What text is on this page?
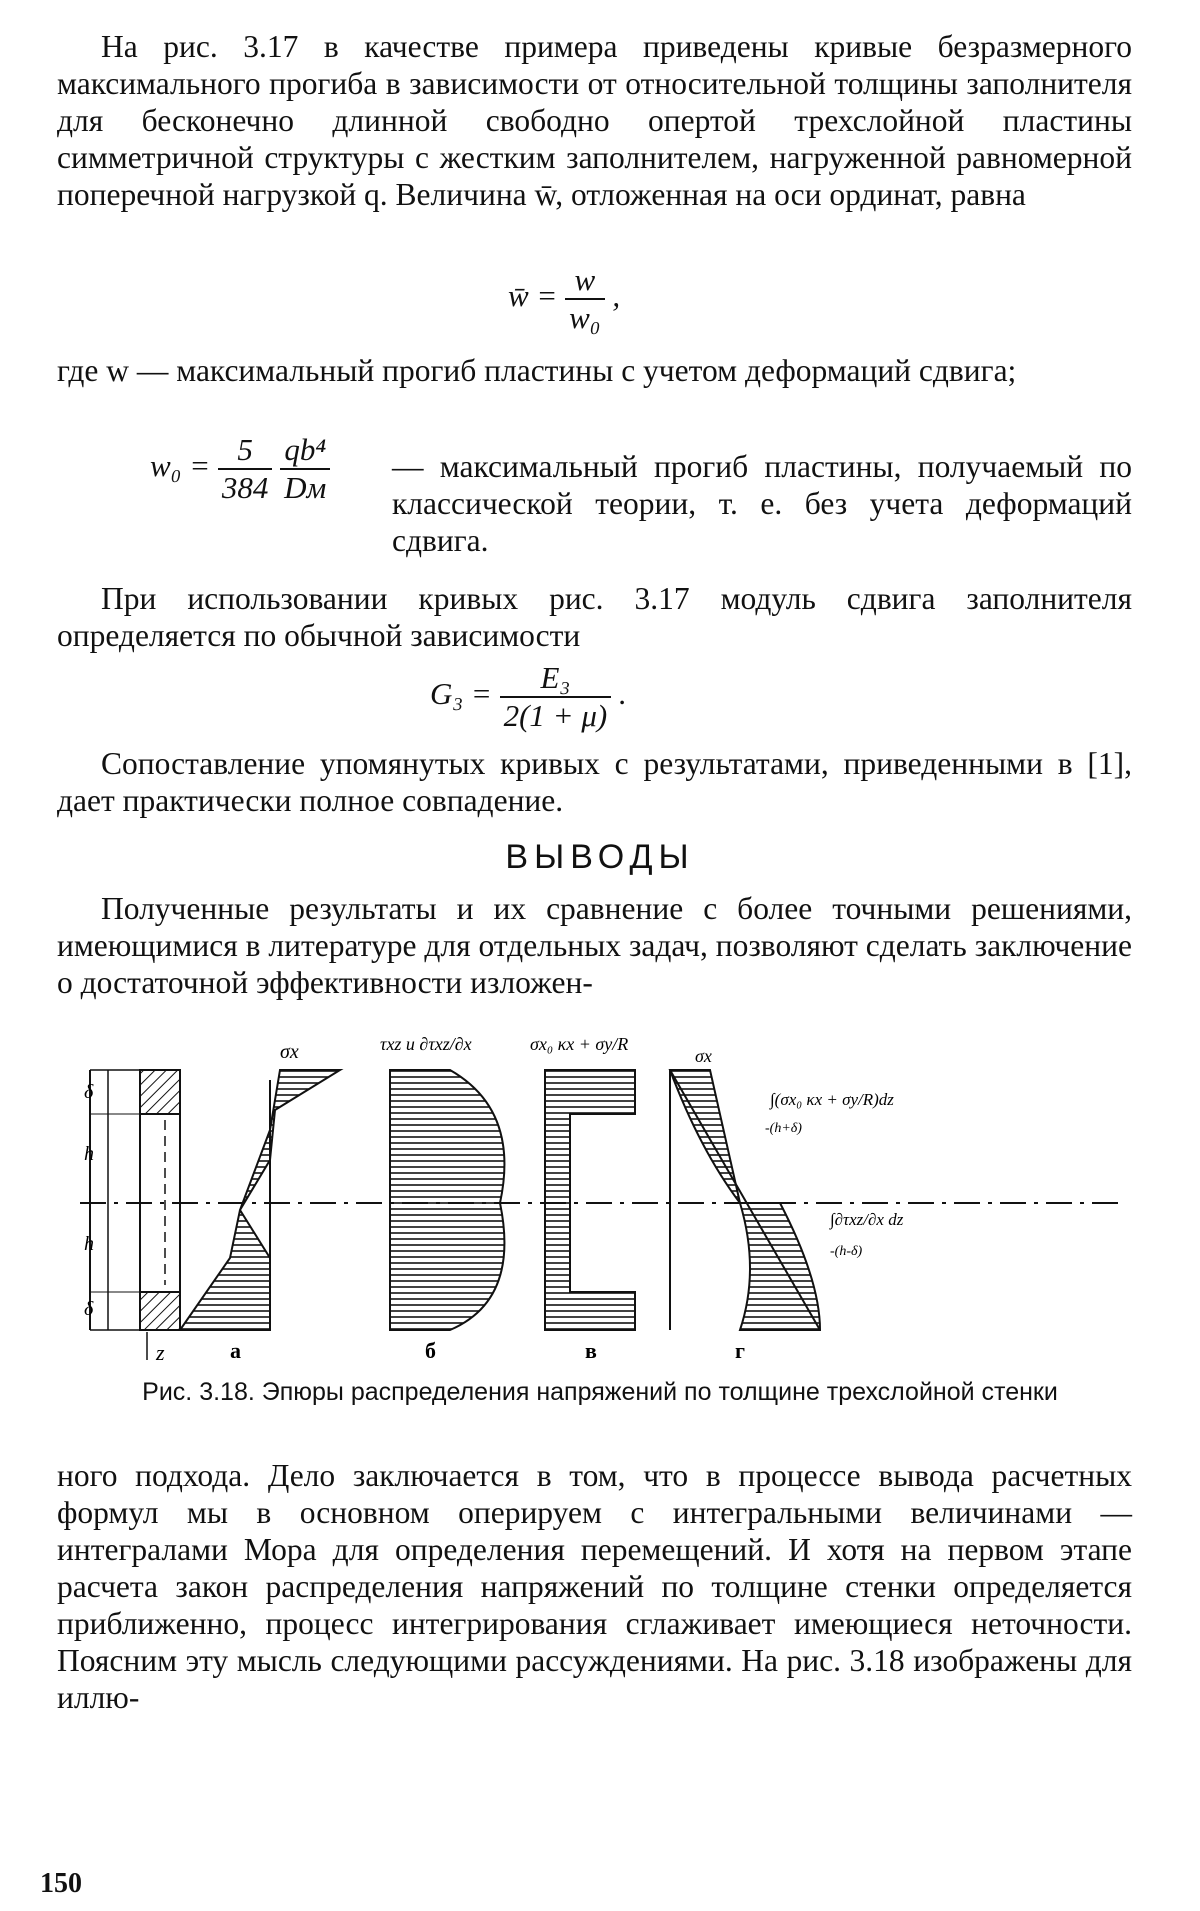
На рис. 3.17 в качестве примера приведены кривые безразмерного максимального прогиба в зависимости от относительной толщины заполнителя для бесконечно длинной свободно опертой трехслойной пластины симметричной структуры с жестким заполнителем, нагруженной равномерной поперечной нагрузкой q. Величина w̄, отложенная на оси ординат, равна

w̄ = $\frac{w}{\text{w₀}}$ ,

где w — максимальный прогиб пластины с учетом деформаций сдвига;

$w_0 = \frac{5}{384}$
$\frac{\text{qb⁴}}{Dм}$ — максимальный прогиб пластины, получаемый по классической теории, т. е. без учета деформаций сдвига.

При использовании кривых рис. 3.17 модуль сдвига заполнителя определяется по обычной зависимости

$G_3 = \frac{\text{E₃}}{2(1 + \mu)}$ .

Сопоставление упомянутых кривых с результатами, приведенными в [1], дает практически полное совпадение.

ВЫВОДЫ

Полученные результаты и их сравнение с более точными решениями, имеющимися в литературе для отдельных задач, позволяют сделать заключение о достаточной эффективности изложен-

δ
h
h
δ
z
σx
а
τxz и ∂τxz/∂x
б
σx₀ κx + σy/R
в
σx
∫(σx₀ κx + σy/R)dz
-(h+δ)
∫∂τxz/∂x dz
-(h-δ)
г
Рис. 3.18. Эпюры распределения напряжений по толщине трехслойной стенки

ного подхода. Дело заключается в том, что в процессе вывода расчетных формул мы в основном оперируем с интегральными величинами — интегралами Мора для определения перемещений. И хотя на первом этапе расчета закон распределения напряжений по толщине стенки определяется приближенно, процесс интегрирования сглаживает имеющиеся неточности. Поясним эту мысль следующими рассуждениями. На рис. 3.18 изображены для иллю-

150
